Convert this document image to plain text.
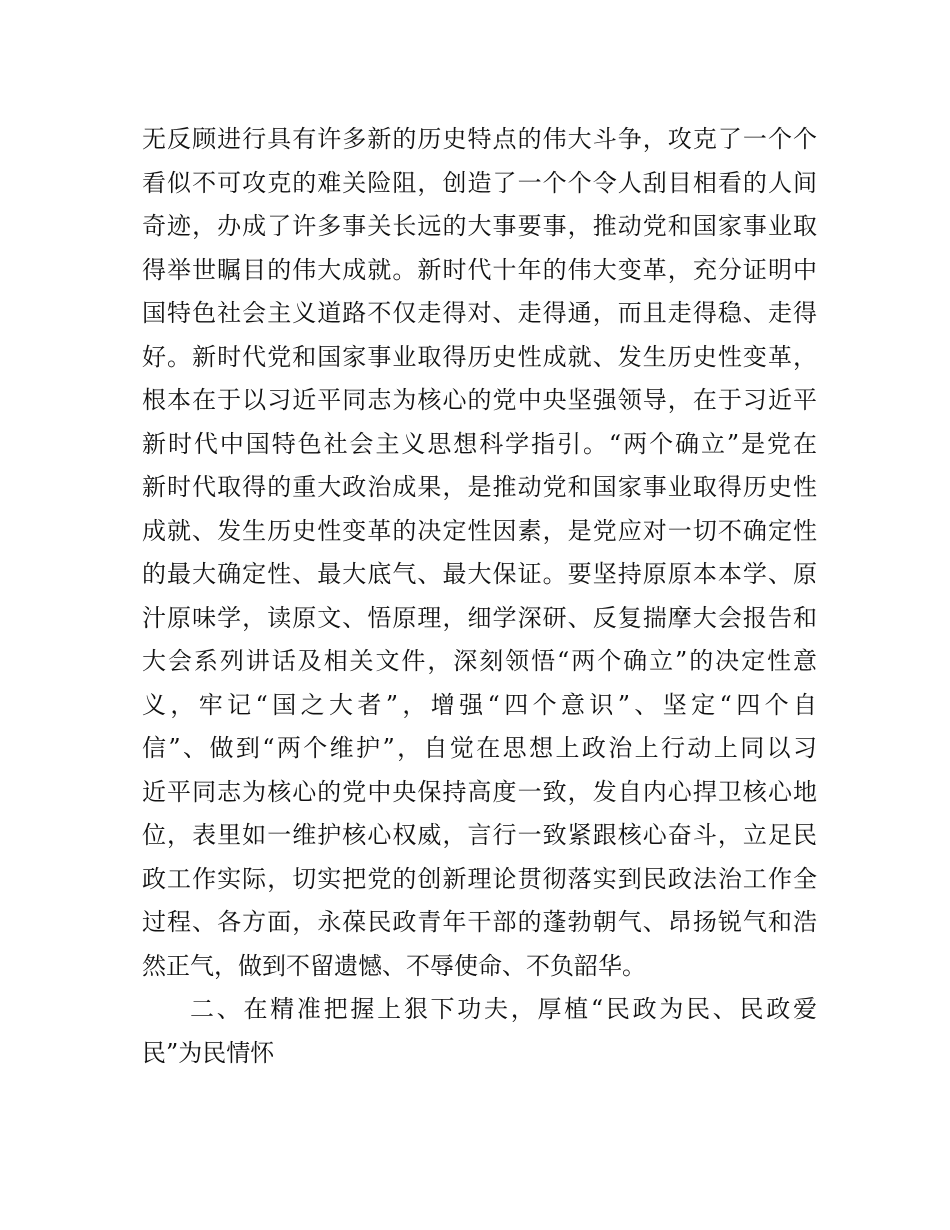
无反顾进行具有许多新的历史特点的伟大斗争，攻克了一个个
看似不可攻克的难关险阻，创造了一个个令人刮目相看的人间
奇迹，办成了许多事关长远的大事要事，推动党和国家事业取
得举世瞩目的伟大成就。新时代十年的伟大变革，充分证明中
国特色社会主义道路不仅走得对、走得通，而且走得稳、走得
好。新时代党和国家事业取得历史性成就、发生历史性变革，
根本在于以习近平同志为核心的党中央坚强领导，在于习近平
新时代中国特色社会主义思想科学指引。“两个确立”是党在
新时代取得的重大政治成果，是推动党和国家事业取得历史性
成就、发生历史性变革的决定性因素，是党应对一切不确定性
的最大确定性、最大底气、最大保证。要坚持原原本本学、原
汁原味学，读原文、悟原理，细学深研、反复揣摩大会报告和
大会系列讲话及相关文件，深刻领悟“两个确立”的决定性意
义，牢记“国之大者”，增强“四个意识”、坚定“四个自
信”、做到“两个维护”，自觉在思想上政治上行动上同以习
近平同志为核心的党中央保持高度一致，发自内心捍卫核心地
位，表里如一维护核心权威，言行一致紧跟核心奋斗，立足民
政工作实际，切实把党的创新理论贯彻落实到民政法治工作全
过程、各方面，永葆民政青年干部的蓬勃朝气、昂扬锐气和浩
然正气，做到不留遗憾、不辱使命、不负韶华。
二、在精准把握上狠下功夫，厚植“民政为民、民政爱
民”为民情怀
